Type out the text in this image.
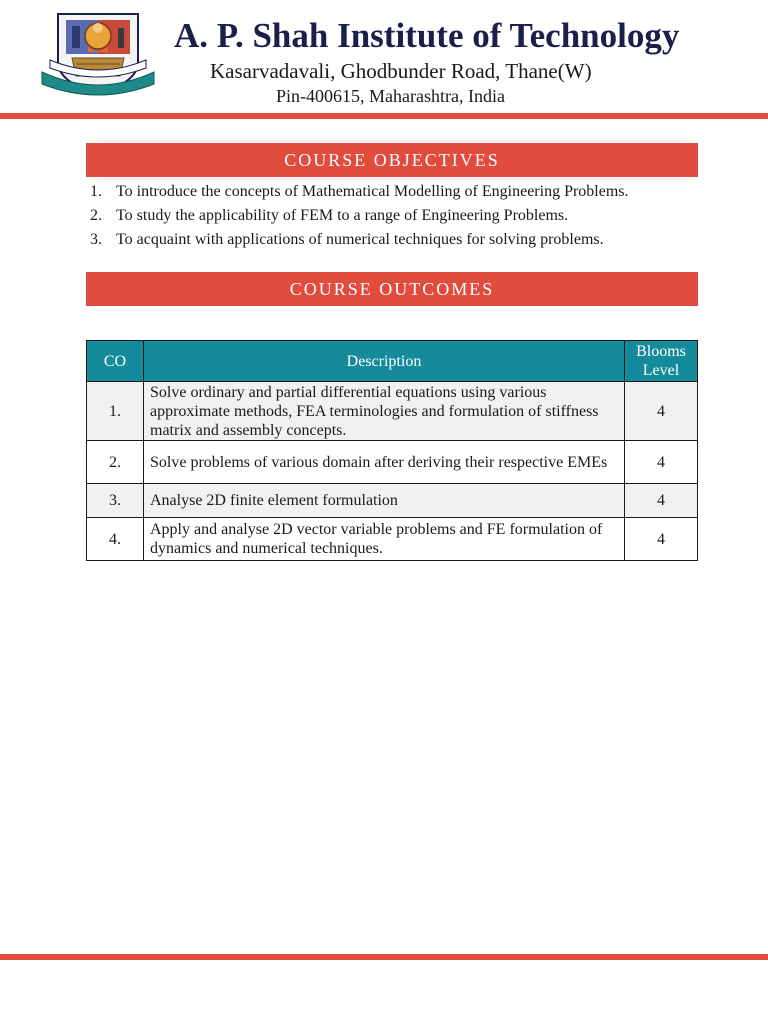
A. P. Shah Institute of Technology
Kasarvadavali, Ghodbunder Road, Thane(W)
Pin-400615, Maharashtra, India
COURSE OBJECTIVES
1. To introduce the concepts of Mathematical Modelling of Engineering Problems.
2. To study the applicability of FEM to a range of Engineering Problems.
3. To acquaint with applications of numerical techniques for solving problems.
COURSE OUTCOMES
CO	Description	Blooms Level
1.	Solve ordinary and partial differential equations using various approximate methods, FEA terminologies and formulation of stiffness matrix and assembly concepts.	4
2.	Solve problems of various domain after deriving their respective EMEs	4
3.	Analyse 2D finite element formulation	4
4.	Apply and analyse 2D vector variable problems and FE formulation of dynamics and numerical techniques.	4
